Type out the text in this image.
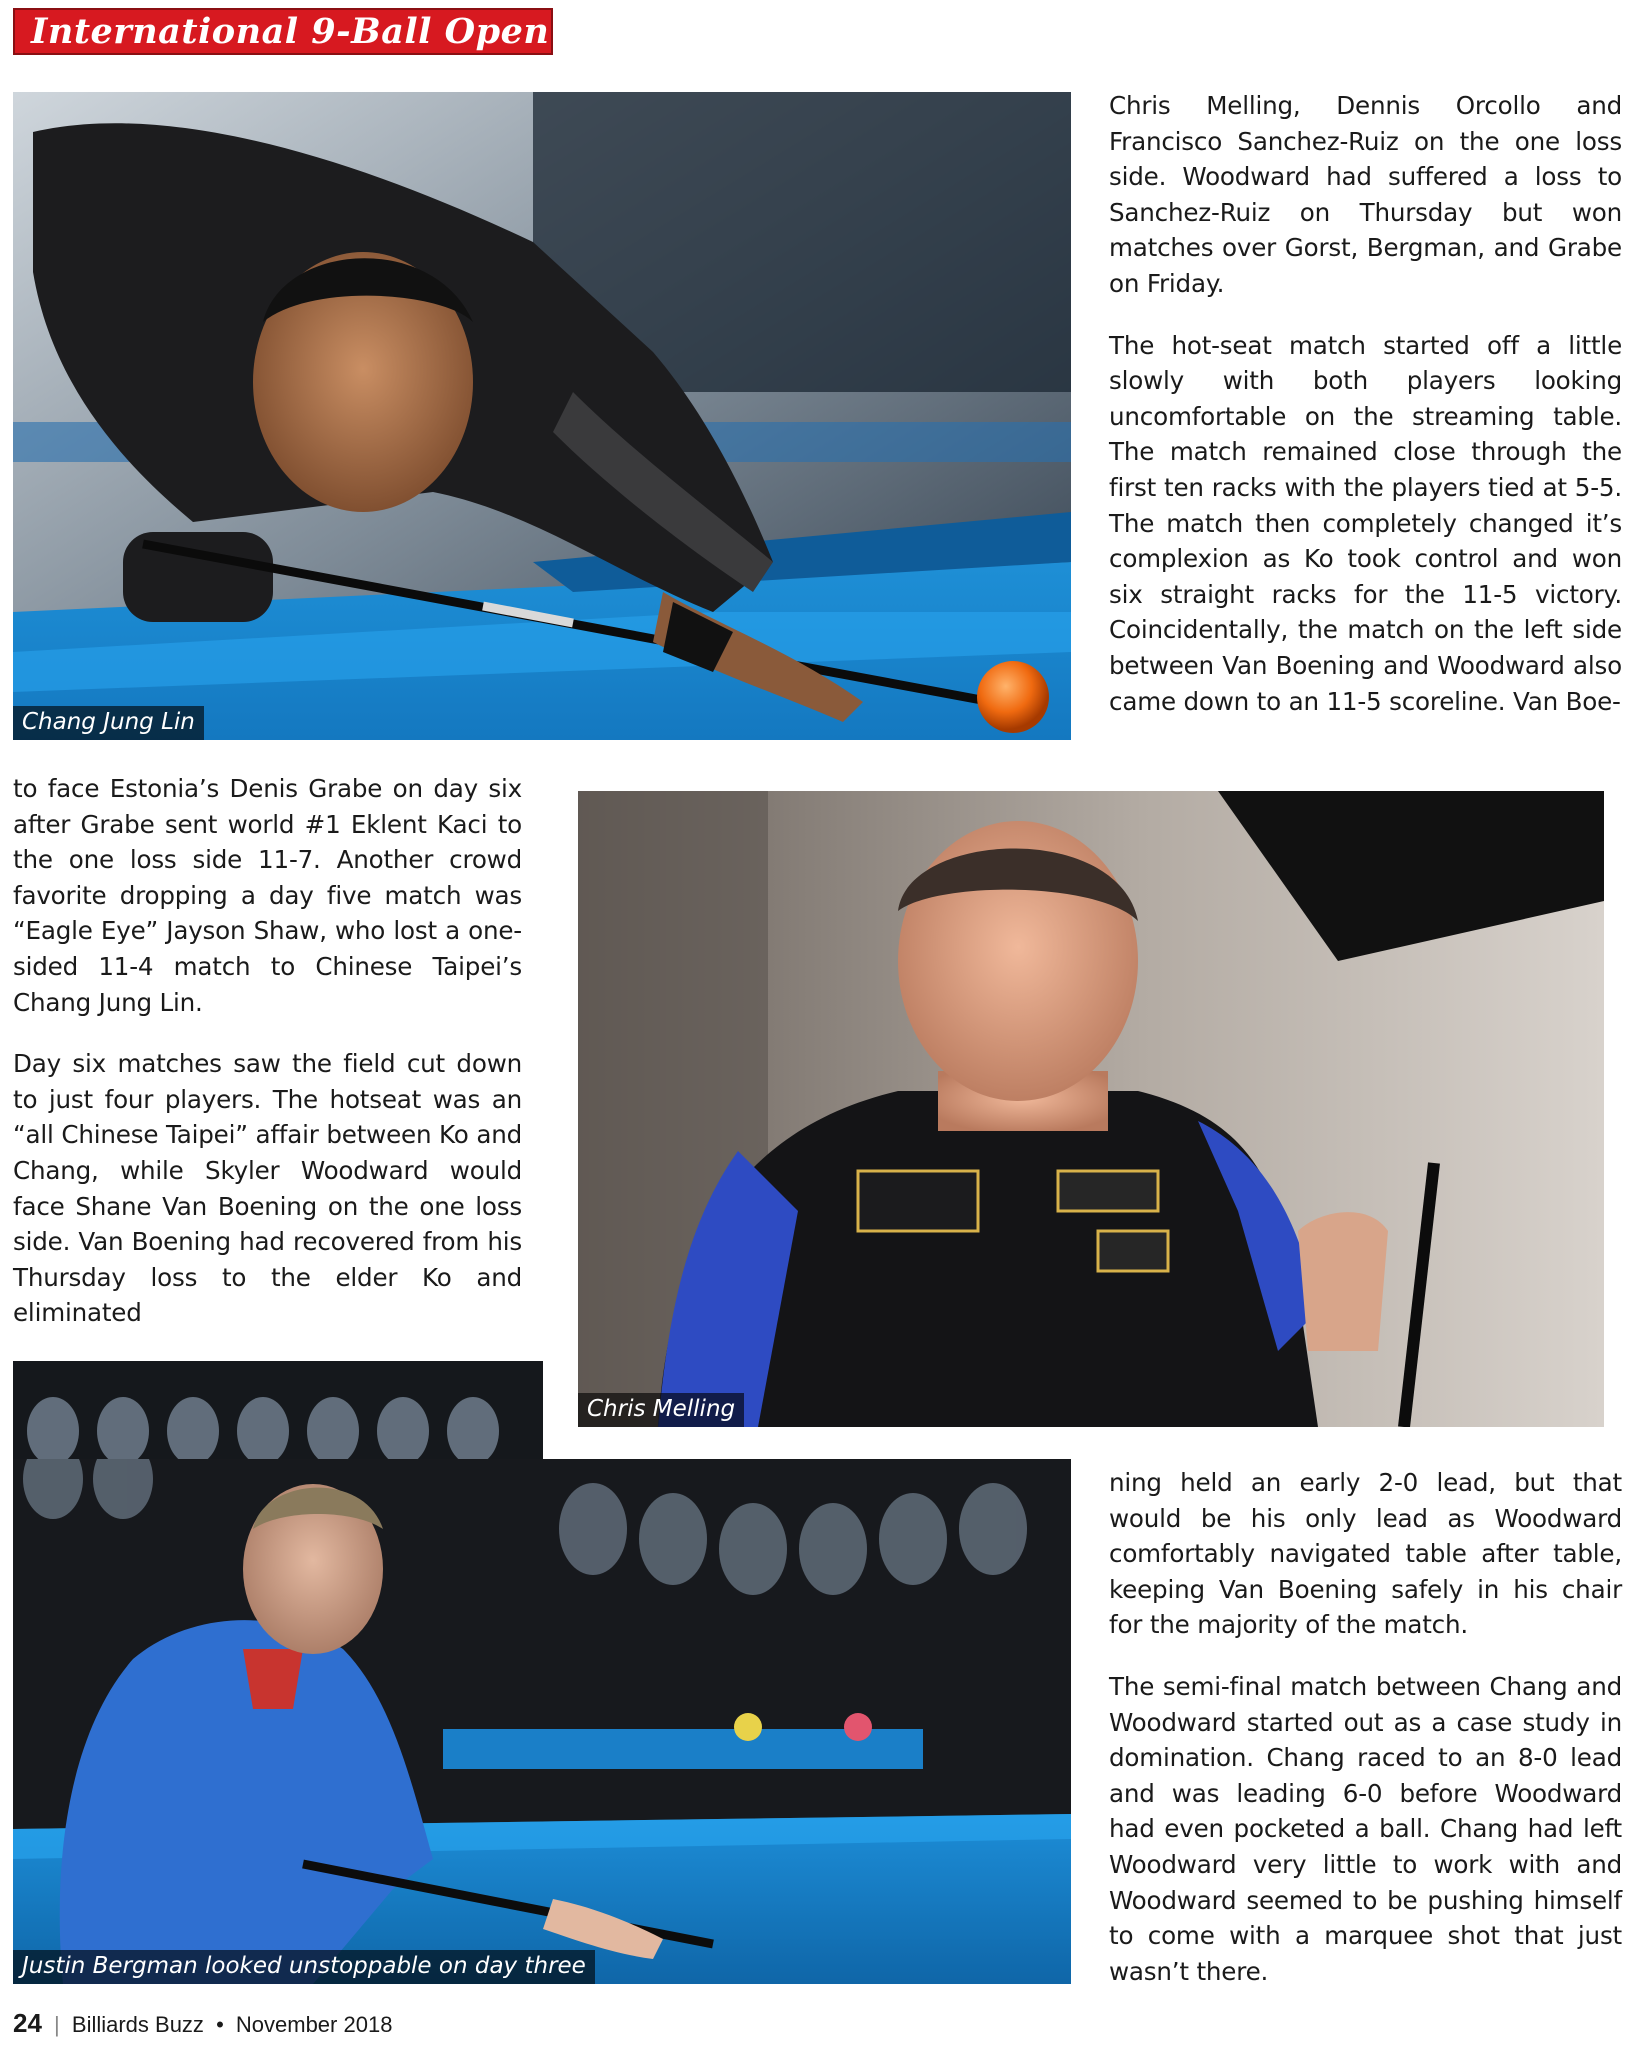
International 9-Ball Open
Chang Jung Lin

Chris Melling, Dennis Orcollo and Francisco Sanchez-Ruiz on the one loss side. Woodward had suffered a loss to Sanchez-Ruiz on Thursday but won matches over Gorst, Bergman, and Grabe on Friday.

The hot-seat match started off a little slowly with both players looking uncomfortable on the streaming table. The match remained close through the first ten racks with the players tied at 5-5. The match then completely changed it’s complexion as Ko took control and won six straight racks for the 11-5 victory. Coincidentally, the match on the left side between Van Boening and Woodward also came down to an 11-5 scoreline. Van Boe-

to face Estonia’s Denis Grabe on day six after Grabe sent world #1 Eklent Kaci to the one loss side 11-7. Another crowd favorite dropping a day five match was “Eagle Eye” Jayson Shaw, who lost a one-sided 11-4 match to Chinese Taipei’s Chang Jung Lin.

Day six matches saw the field cut down to just four players. The hotseat was an “all Chinese Taipei” affair between Ko and Chang, while Skyler Woodward would face Shane Van Boening on the one loss side. Van Boening had recovered from his Thursday loss to the elder Ko and eliminated

Chris Melling
Justin Bergman looked unstoppable on day three

ning held an early 2-0 lead, but that would be his only lead as Woodward comfortably navigated table after table, keeping Van Boening safely in his chair for the majority of the match.

The semi-final match between Chang and Woodward started out as a case study in domination. Chang raced to an 8-0 lead and was leading 6-0 before Woodward had even pocketed a ball. Chang had left Woodward very little to work with and Woodward seemed to be pushing himself to come with a marquee shot that just wasn’t there.

24 | Billiards Buzz • November 2018
